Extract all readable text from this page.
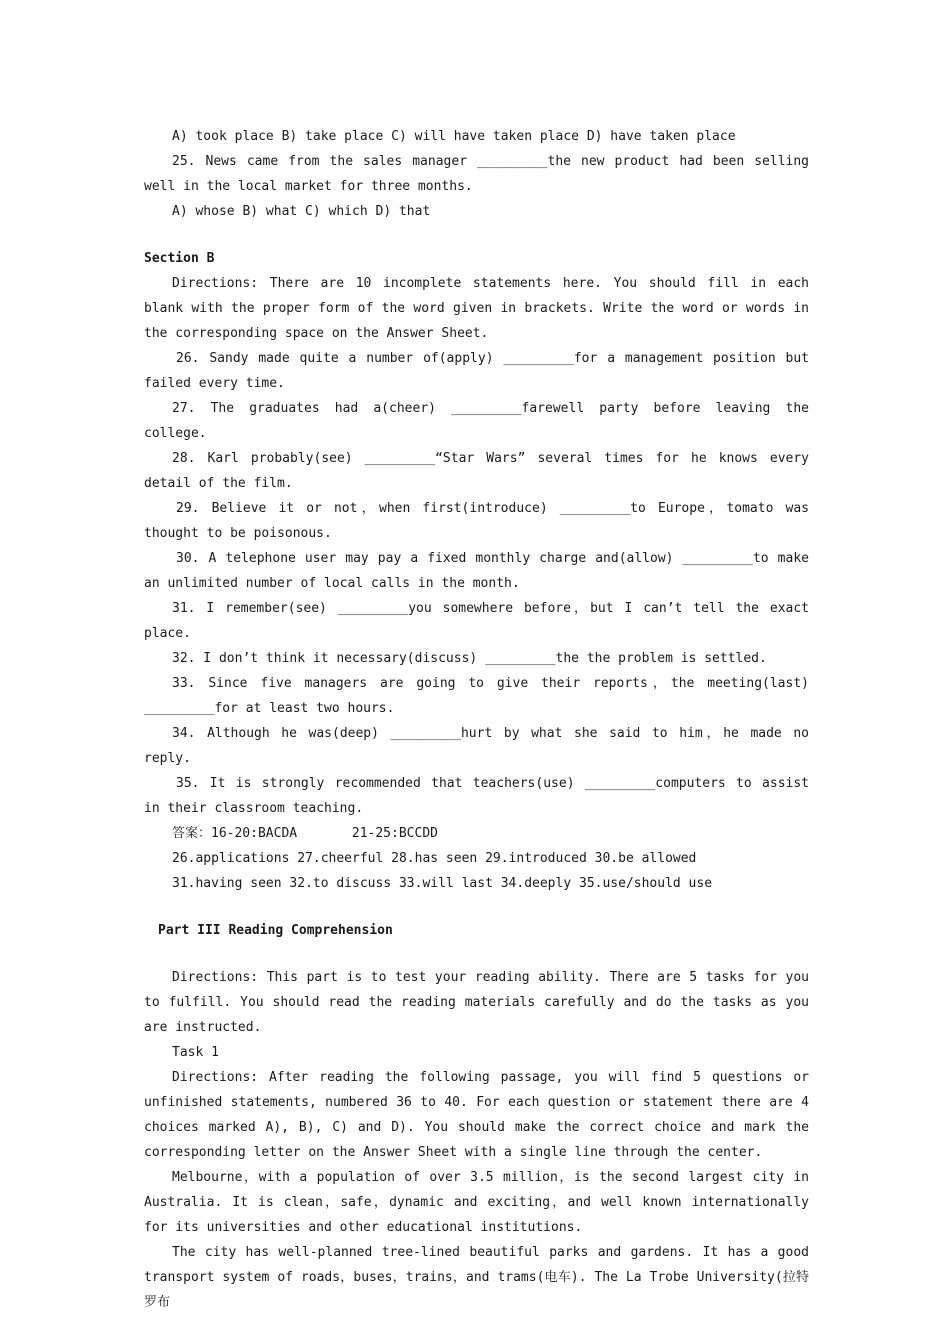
A) took place B) take place C) will have taken place D) have taken place

25. News came from the sales manager _________the new product had been selling well in the local market for three months.

A) whose B) what C) which D) that

Section B

Directions: There are 10 incomplete statements here. You should fill in each blank with the proper form of the word given in brackets. Write the word or words in the corresponding space on the Answer Sheet.

26. Sandy made quite a number of(apply) _________for a management position but failed every time.

27. The graduates had a(cheer) _________farewell party before leaving the college.

28. Karl probably(see) _________“Star Wars” several times for he knows every detail of the film.

29. Believe it or not，when first(introduce) _________to Europe，tomato was thought to be poisonous.

30. A telephone user may pay a fixed monthly charge and(allow) _________to make an unlimited number of local calls in the month.

31. I remember(see) _________you somewhere before，but I can’t tell the exact place.

32. I don’t think it necessary(discuss) _________the the problem is settled.

33. Since five managers are going to give their reports，the meeting(last) _________for at least two hours.

34. Although he was(deep) _________hurt by what she said to him，he made no reply.

35. It is strongly recommended that teachers(use) _________computers to assist in their classroom teaching.

答案：16-20:BACDA       21-25:BCCDD

26.applications 27.cheerful 28.has seen 29.introduced 30.be allowed

31.having seen 32.to discuss 33.will last 34.deeply 35.use/should use

Part III Reading Comprehension

Directions: This part is to test your reading ability. There are 5 tasks for you to fulfill. You should read the reading materials carefully and do the tasks as you are instructed.

Task 1

Directions: After reading the following passage, you will find 5 questions or unfinished statements, numbered 36 to 40. For each question or statement there are 4 choices marked A), B), C) and D). You should make the correct choice and mark the corresponding letter on the Answer Sheet with a single line through the center.

Melbourne，with a population of over 3.5 million，is the second largest city in Australia. It is clean，safe，dynamic and exciting，and well known internationally for its universities and other educational institutions.

The city has well-planned tree-lined beautiful parks and gardens. It has a good transport system of roads，buses，trains，and trams(电车). The La Trobe University(拉特罗布
